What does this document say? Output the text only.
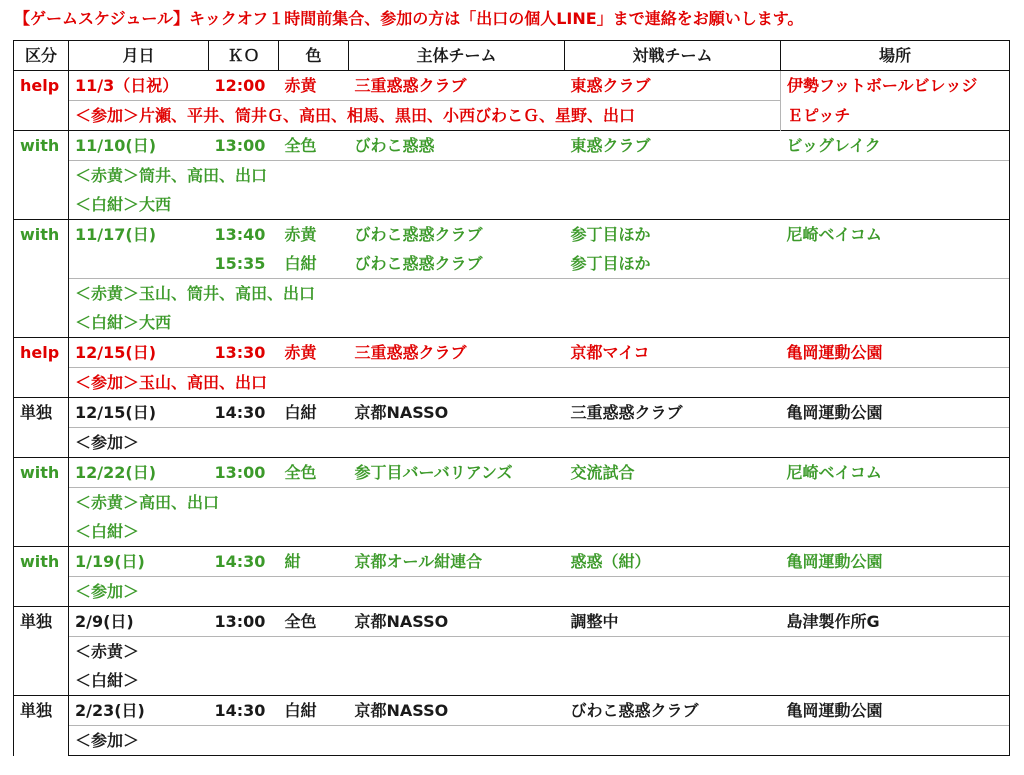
【ゲームスケジュール】キックオフ１時間前集合、参加の方は「出口の個人LINE」まで連絡をお願いします。
区分	月日	ＫＯ	色	主体チーム	対戦チーム	場所
help	11/3（日祝）	12:00	赤黄	三重惑惑クラブ	東惑クラブ	伊勢フットボールビレッジ
	＜参加＞片瀬、平井、筒井Ｇ、高田、相馬、黒田、小西びわこＧ、星野、出口					Ｅピッチ
with	11/10(日)	13:00	全色	びわこ惑惑	東惑クラブ	ビッグレイク
	＜赤黄＞筒井、高田、出口					
	＜白紺＞大西					
with	11/17(日)	13:40	赤黄	びわこ惑惑クラブ	参丁目ほか	尼崎ベイコム
		15:35	白紺	びわこ惑惑クラブ	参丁目ほか	
	＜赤黄＞玉山、筒井、高田、出口					
	＜白紺＞大西					
help	12/15(日)	13:30	赤黄	三重惑惑クラブ	京都マイコ	亀岡運動公園
	＜参加＞玉山、高田、出口					
単独	12/15(日)	14:30	白紺	京都NASSO	三重惑惑クラブ	亀岡運動公園
	＜参加＞					
with	12/22(日)	13:00	全色	参丁目バーバリアンズ	交流試合	尼崎ベイコム
	＜赤黄＞高田、出口					
	＜白紺＞					
with	1/19(日)	14:30	紺	京都オール紺連合	惑惑（紺）	亀岡運動公園
	＜参加＞					
単独	2/9(日)	13:00	全色	京都NASSO	調整中	島津製作所G
	＜赤黄＞					
	＜白紺＞					
単独	2/23(日)	14:30	白紺	京都NASSO	びわこ惑惑クラブ	亀岡運動公園
	＜参加＞					
